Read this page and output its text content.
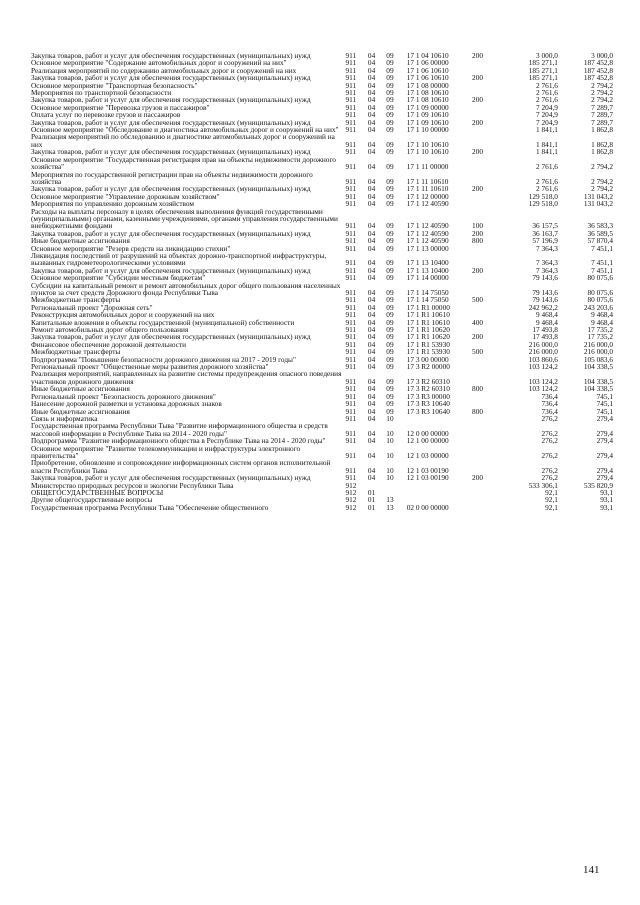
Закупка товаров, работ и услуг для обеспечения государственных (муниципальных) нужд	911	04	09	17 1 04 10610	200	3 000,0	3 000,0
Основное мероприятие "Содержание автомобильных дорог и сооружений на них"	911	04	09	17 1 06 00000		185 271,1	187 452,8
Реализация мероприятий по содержанию автомобильных дорог и сооружений на них	911	04	09	17 1 06 10610		185 271,1	187 452,8
Закупка товаров, работ и услуг для обеспечения государственных (муниципальных) нужд	911	04	09	17 1 06 10610	200	185 271,1	187 452,8
Основное мероприятие "Транспортная безопасность"	911	04	09	17 1 08 00000		2 761,6	2 794,2
Мероприятия по транспортной безопасности	911	04	09	17 1 08 10610		2 761,6	2 794,2
Закупка товаров, работ и услуг для обеспечения государственных (муниципальных) нужд	911	04	09	17 1 08 10610	200	2 761,6	2 794,2
Основное мероприятие "Перевозка грузов и пассажиров"	911	04	09	17 1 09 00000		7 204,9	7 289,7
Оплата услуг по перевозке грузов и пассажиров	911	04	09	17 1 09 10610		7 204,9	7 289,7
Закупка товаров, работ и услуг для обеспечения государственных (муниципальных) нужд	911	04	09	17 1 09 10610	200	7 204,9	7 289,7
Основное мероприятие "Обследование и диагностика автомобильных дорог и сооружений на них"	911	04	09	17 1 10 00000		1 841,1	1 862,8
Реализация мероприятий по обследованию и диагностике автомобильных дорог и сооружений на них	911	04	09	17 1 10 10610		1 841,1	1 862,8
Закупка товаров, работ и услуг для обеспечения государственных (муниципальных) нужд	911	04	09	17 1 10 10610	200	1 841,1	1 862,8
Основное мероприятие "Государственная регистрация прав на объекты недвижимости дорожного хозяйства"	911	04	09	17 1 11 00000		2 761,6	2 794,2
Мероприятия по государственной регистрации прав на объекты недвижимости дорожного хозяйства	911	04	09	17 1 11 10610		2 761,6	2 794,2
Закупка товаров, работ и услуг для обеспечения государственных (муниципальных) нужд	911	04	09	17 1 11 10610	200	2 761,6	2 794,2
Основное мероприятие "Управление дорожным хозяйством"	911	04	09	17 1 12 00000		129 518,0	131 043,2
Мероприятия по управлению дорожным хозяйством	911	04	09	17 1 12 40590		129 518,0	131 043,2
Расходы на выплаты персоналу в целях обеспечения выполнения функций государственными (муниципальными) органами, казенными учреждениями, органами управления государственными внебюджетными фондами	911	04	09	17 1 12 40590	100	36 157,5	36 583,3
Закупка товаров, работ и услуг для обеспечения государственных (муниципальных) нужд	911	04	09	17 1 12 40590	200	36 163,7	36 589,5
Иные бюджетные ассигнования	911	04	09	17 1 12 40590	800	57 196,9	57 870,4
Основное мероприятие "Резерв средств на ликвидацию стихии"	911	04	09	17 1 13 00000		7 364,3	7 451,1
Ликвидация последствий от разрушений на объектах дорожно-транспортной инфраструктуры, вызванных гидрометеорологическими условиями	911	04	09	17 1 13 10400		7 364,3	7 451,1
Закупка товаров, работ и услуг для обеспечения государственных (муниципальных) нужд	911	04	09	17 1 13 10400	200	7 364,3	7 451,1
Основное мероприятие "Субсидии местным бюджетам"	911	04	09	17 1 14 00000		79 143,6	80 075,6
Субсидии на капитальный ремонт и ремонт автомобильных дорог общего пользования населенных пунктов за счет средств Дорожного фонда Республики Тыва	911	04	09	17 1 14 75050		79 143,6	80 075,6
Межбюджетные трансферты	911	04	09	17 1 14 75050	500	79 143,6	80 075,6
Региональный проект "Дорожная сеть"	911	04	09	17 1 R1 00000		242 962,2	243 203,6
Реконструкция автомобильных дорог и сооружений на них	911	04	09	17 1 R1 10610		9 468,4	9 468,4
Капитальные вложения в объекты государственной (муниципальной) собственности	911	04	09	17 1 R1 10610	400	9 468,4	9 468,4
Ремонт автомобильных дорог общего пользования	911	04	09	17 1 R1 10620		17 493,8	17 735,2
Закупка товаров, работ и услуг для обеспечения государственных (муниципальных) нужд	911	04	09	17 1 R1 10620	200	17 493,8	17 735,2
Финансовое обеспечение дорожной деятельности	911	04	09	17 1 R1 53930		216 000,0	216 000,0
Межбюджетные трансферты	911	04	09	17 1 R1 53930	500	216 000,0	216 000,0
Подпрограмма "Повышение безопасности дорожного движения на 2017 - 2019 годы"	911	04	09	17 3 00 00000		103 860,6	105 083,6
Региональный проект "Общественные меры развития дорожного хозяйства"	911	04	09	17 3 R2 00000		103 124,2	104 338,5
Реализация мероприятий, направленных на развитие системы предупреждения опасного поведения участников дорожного движения	911	04	09	17 3 R2 60310		103 124,2	104 338,5
Иные бюджетные ассигнования	911	04	09	17 3 R2 60310	800	103 124,2	104 338,5
Региональный проект "Безопасность дорожного движения"	911	04	09	17 3 R3 00000		736,4	745,1
Нанесение дорожной разметки и установка дорожных знаков	911	04	09	17 3 R3 10640		736,4	745,1
Иные бюджетные ассигнования	911	04	09	17 3 R3 10640	800	736,4	745,1
Связь и информатика	911	04	10			276,2	279,4
Государственная программа Республики Тыва "Развитие информационного общества и средств массовой информации в Республике Тыва на 2014 - 2020 годы"	911	04	10	12 0 00 00000		276,2	279,4
Подпрограмма "Развитие информационного общества в Республике Тыва на 2014 - 2020 годы"	911	04	10	12 1 00 00000		276,2	279,4
Основное мероприятие "Развитие телекоммуникации и инфраструктуры электронного правительства"	911	04	10	12 1 03 00000		276,2	279,4
Приобретение, обновление и сопровождение информационных систем органов исполнительной власти Республики Тыва	911	04	10	12 1 03 00190		276,2	279,4
Закупка товаров, работ и услуг для обеспечения государственных (муниципальных) нужд	911	04	10	12 1 03 00190	200	276,2	279,4
Министерство природных ресурсов и экологии Республики Тыва	912					533 306,1	535 820,9
ОБЩЕГОСУДАРСТВЕННЫЕ ВОПРОСЫ	912	01				92,1	93,1
Другие общегосударственные вопросы	912	01	13			92,1	93,1
Государственная программа Республики Тыва "Обеспечение общественного	912	01	13	02 0 00 00000		92,1	93,1
141
